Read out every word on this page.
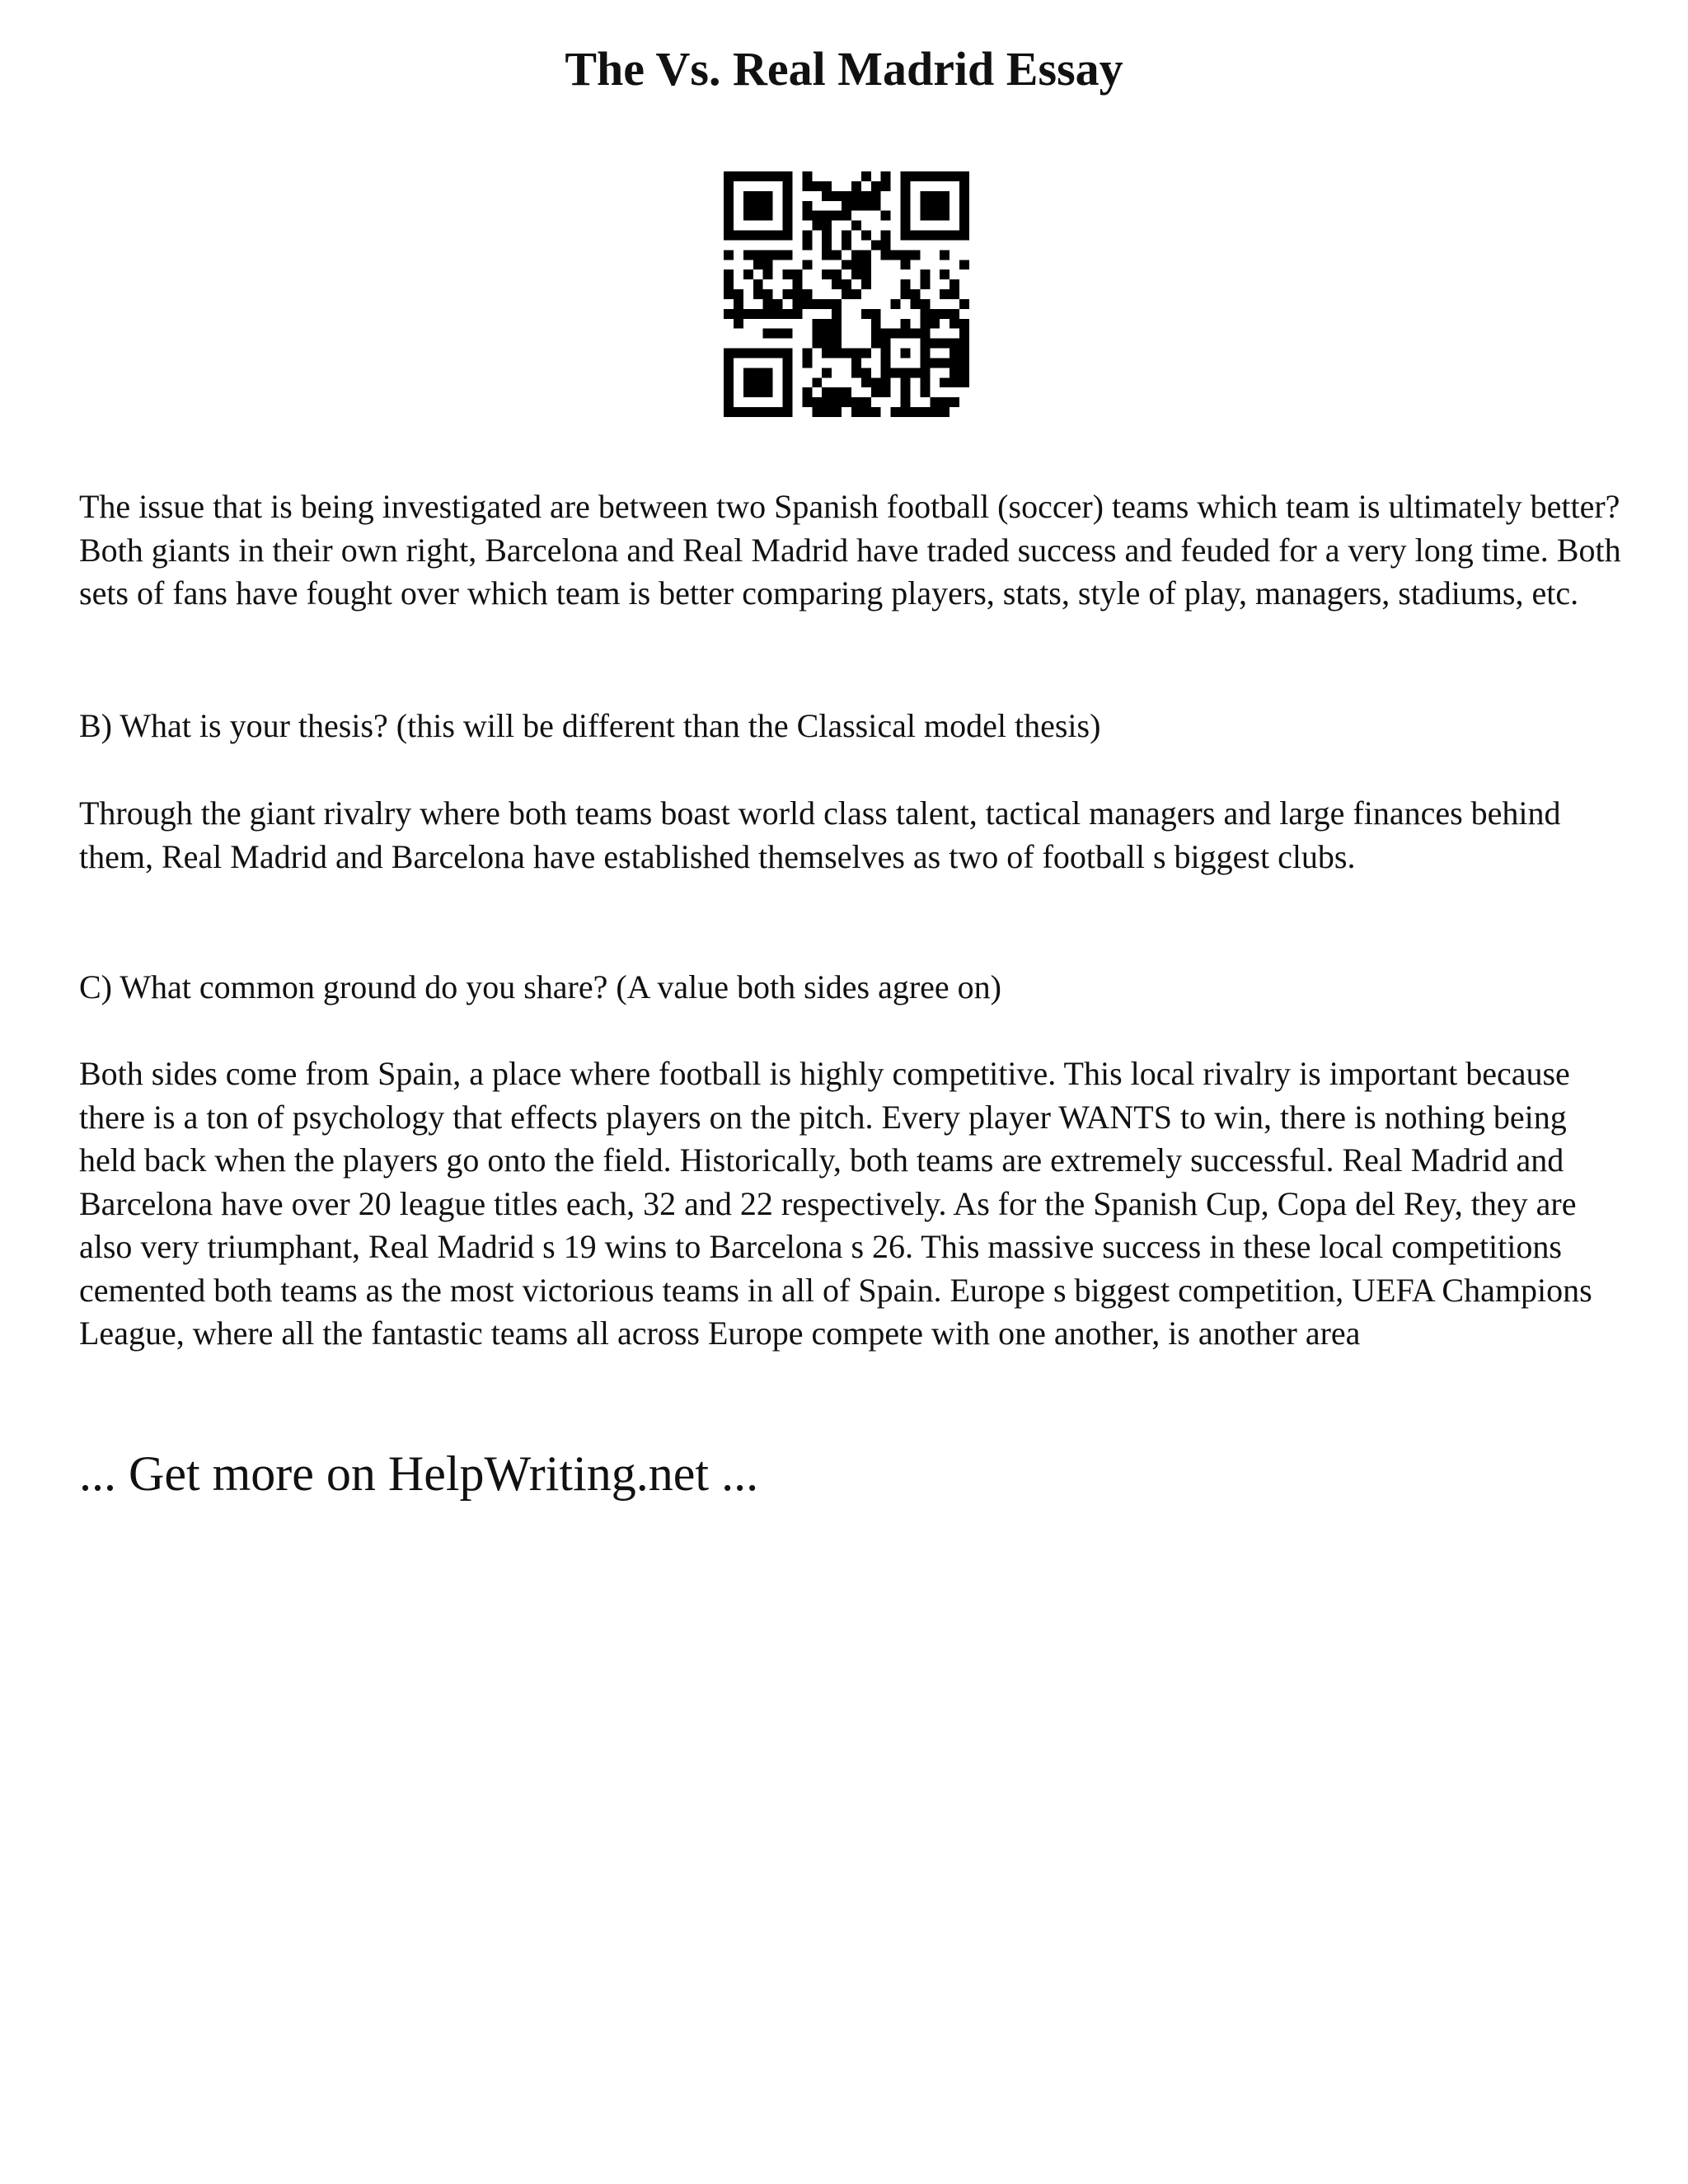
The Vs. Real Madrid Essay

The issue that is being investigated are between two Spanish football (soccer) teams which team is ultimately better? Both giants in their own right, Barcelona and Real Madrid have traded success and feuded for a very long time. Both sets of fans have fought over which team is better comparing players, stats, style of play, managers, stadiums, etc.

B) What is your thesis? (this will be different than the Classical model thesis)

Through the giant rivalry where both teams boast world class talent, tactical managers and large finances behind them, Real Madrid and Barcelona have established themselves as two of football s biggest clubs.

C) What common ground do you share? (A value both sides agree on)

Both sides come from Spain, a place where football is highly competitive. This local rivalry is important because there is a ton of psychology that effects players on the pitch. Every player WANTS to win, there is nothing being held back when the players go onto the field. Historically, both teams are extremely successful. Real Madrid and Barcelona have over 20 league titles each, 32 and 22 respectively. As for the Spanish Cup, Copa del Rey, they are also very triumphant, Real Madrid s 19 wins to Barcelona s 26. This massive success in these local competitions cemented both teams as the most victorious teams in all of Spain. Europe s biggest competition, UEFA Champions League, where all the fantastic teams all across Europe compete with one another, is another area

... Get more on HelpWriting.net ...
